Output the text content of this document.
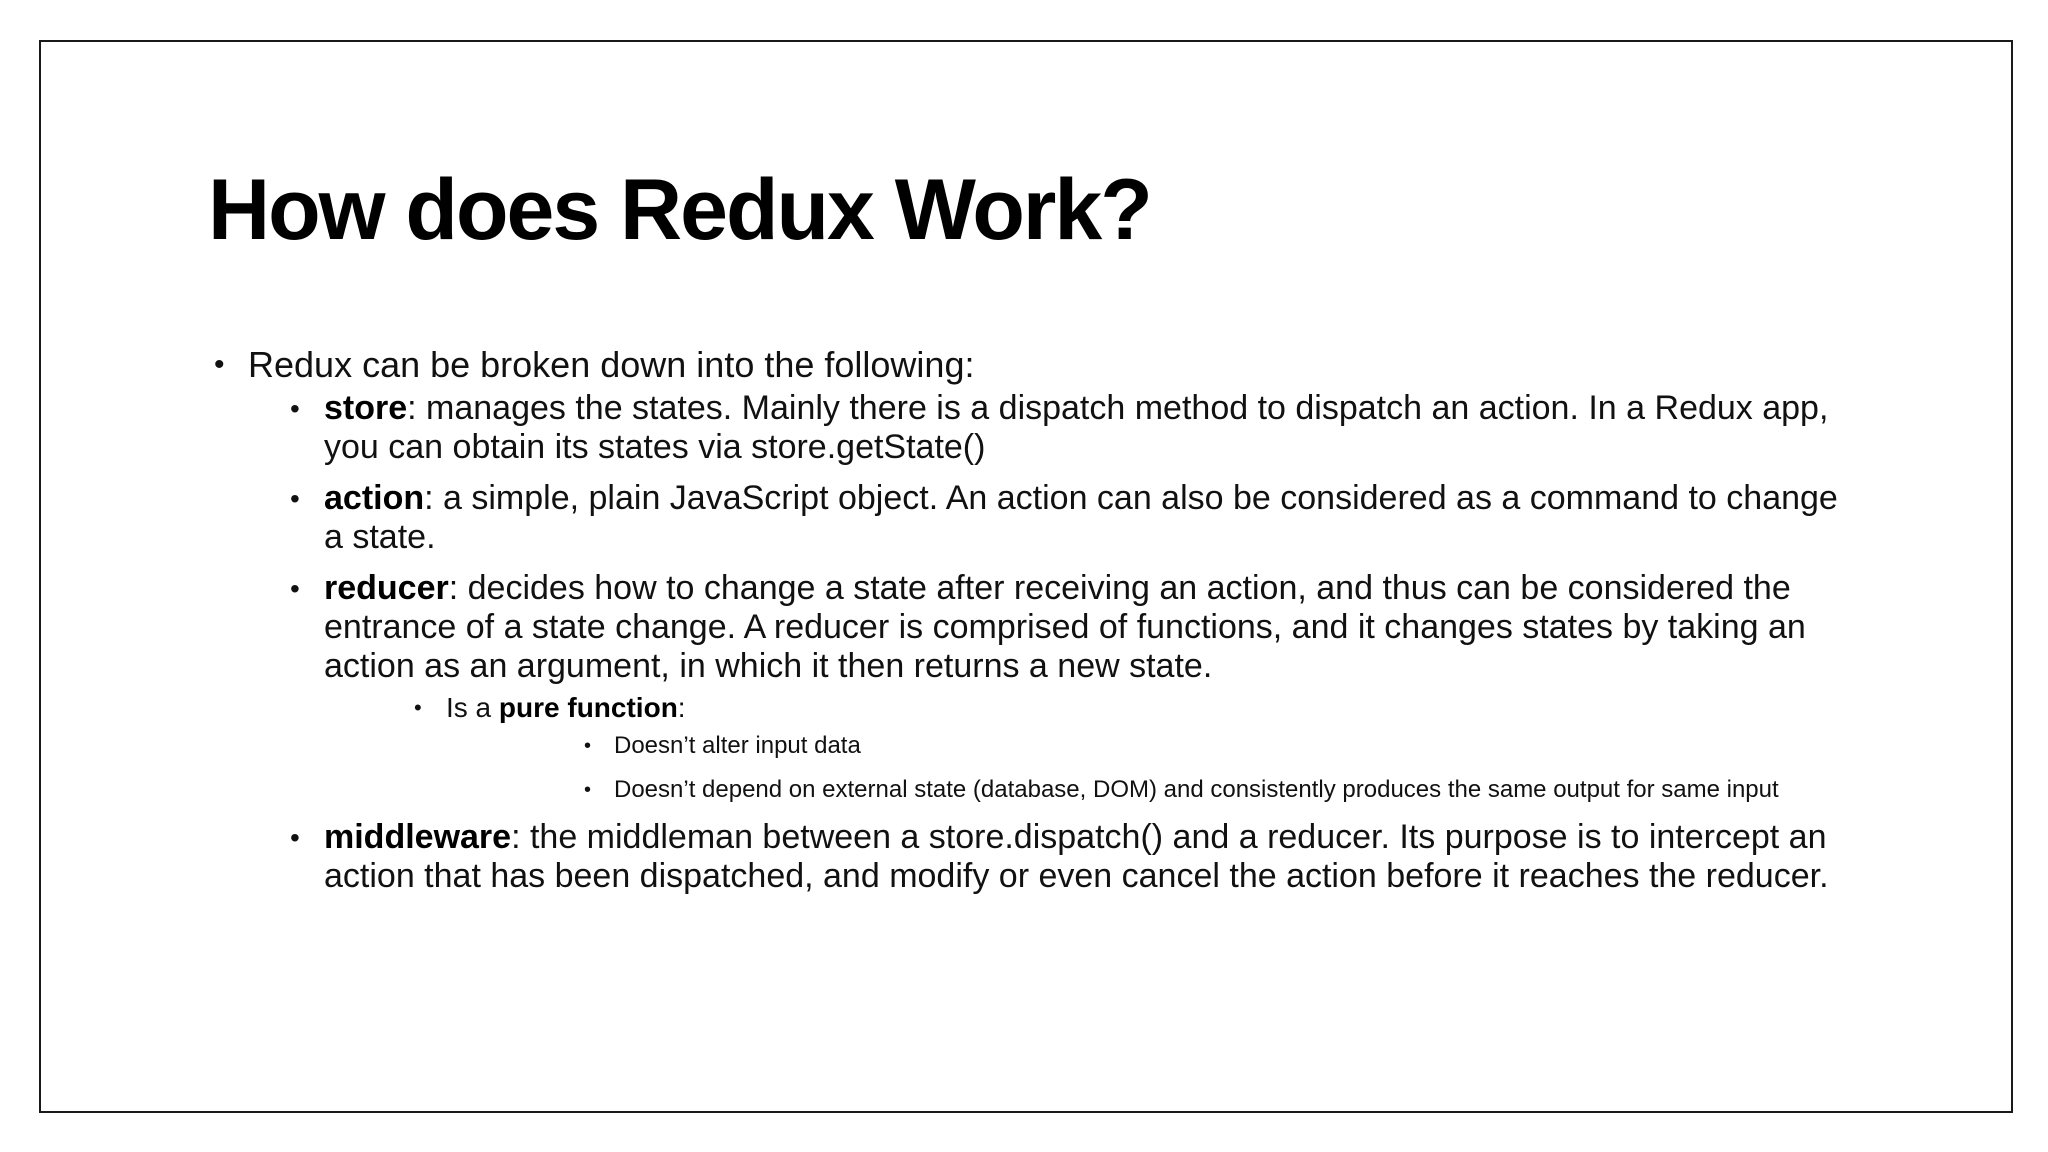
How does Redux Work?
• Redux can be broken down into the following:
• store: manages the states. Mainly there is a dispatch method to dispatch an action. In a Redux app, you can obtain its states via store.getState()
• action: a simple, plain JavaScript object. An action can also be considered as a command to change a state.
• reducer: decides how to change a state after receiving an action, and thus can be considered the entrance of a state change. A reducer is comprised of functions, and it changes states by taking an action as an argument, in which it then returns a new state.
• Is a pure function:
• Doesn’t alter input data
• Doesn’t depend on external state (database, DOM) and consistently produces the same output for same input
• middleware: the middleman between a store.dispatch() and a reducer. Its purpose is to intercept an action that has been dispatched, and modify or even cancel the action before it reaches the reducer.
